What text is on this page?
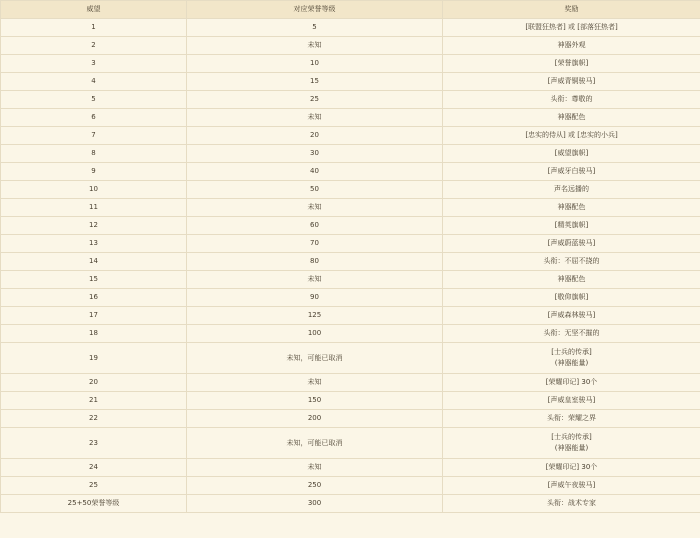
威望	对应荣誉等级	奖励
1	5	[联盟狂热者] 或 [部落狂热者]

2	未知	神器外观

3	10	[荣誉旗帜]

4	15	[声威青铜骏马]

5	25	头衔：尊敬的

6	未知	神器配色

7	20	[忠实的侍从] 或 [忠实的小兵]

8	30	[威望旗帜]

9	40	[声威牙白骏马]

10	50	声名远播的

11	未知	神器配色

12	60	[精英旗帜]

13	70	[声威蔚蓝骏马]

14	80	头衔：不屈不挠的

15	未知	神器配色

16	90	[敬仰旗帜]

17	125	[声威森林骏马]

18	100	头衔：无坚不摧的

19	未知，可能已取消	[士兵的传承]
(神器能量)

20	未知	[荣耀印记] 30个

21	150	[声威皇室骏马]

22	200	头衔：荣耀之界

23	未知，可能已取消	[士兵的传承]
(神器能量)

24	未知	[荣耀印记] 30个

25	250	[声威午夜骏马]

25+50荣誉等级	300	头衔：战术专家
